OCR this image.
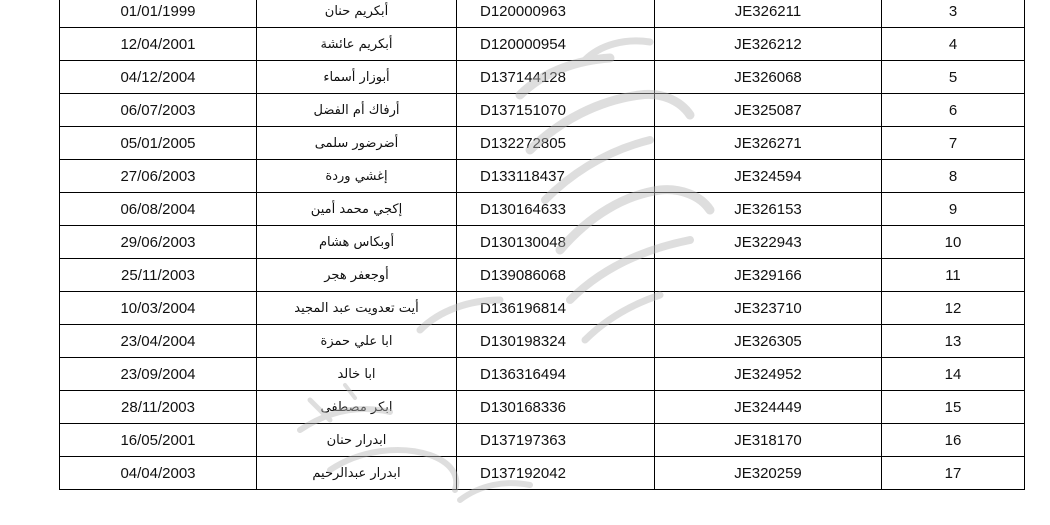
01/01/1999	أبكريم حنان	D120000963	JE326211	3
12/04/2001	أبكريم عائشة	D120000954	JE326212	4
04/12/2004	أبوزار أسماء	D137144128	JE326068	5
06/07/2003	أرفاك أم الفضل	D137151070	JE325087	6
05/01/2005	أضرضور سلمى	D132272805	JE326271	7
27/06/2003	إغشي وردة	D133118437	JE324594	8
06/08/2004	إكجي محمد أمين	D130164633	JE326153	9
29/06/2003	أوبكاس هشام	D130130048	JE322943	10
25/11/2003	أوجعفر هجر	D139086068	JE329166	11
10/03/2004	أيت تعدويت عبد المجيد	D136196814	JE323710	12
23/04/2004	ابا علي حمزة	D130198324	JE326305	13
23/09/2004	ابا خالد	D136316494	JE324952	14
28/11/2003	ابكر مصطفى	D130168336	JE324449	15
16/05/2001	ابدرار حنان	D137197363	JE318170	16
04/04/2003	ابدرار عبدالرحيم	D137192042	JE320259	17
